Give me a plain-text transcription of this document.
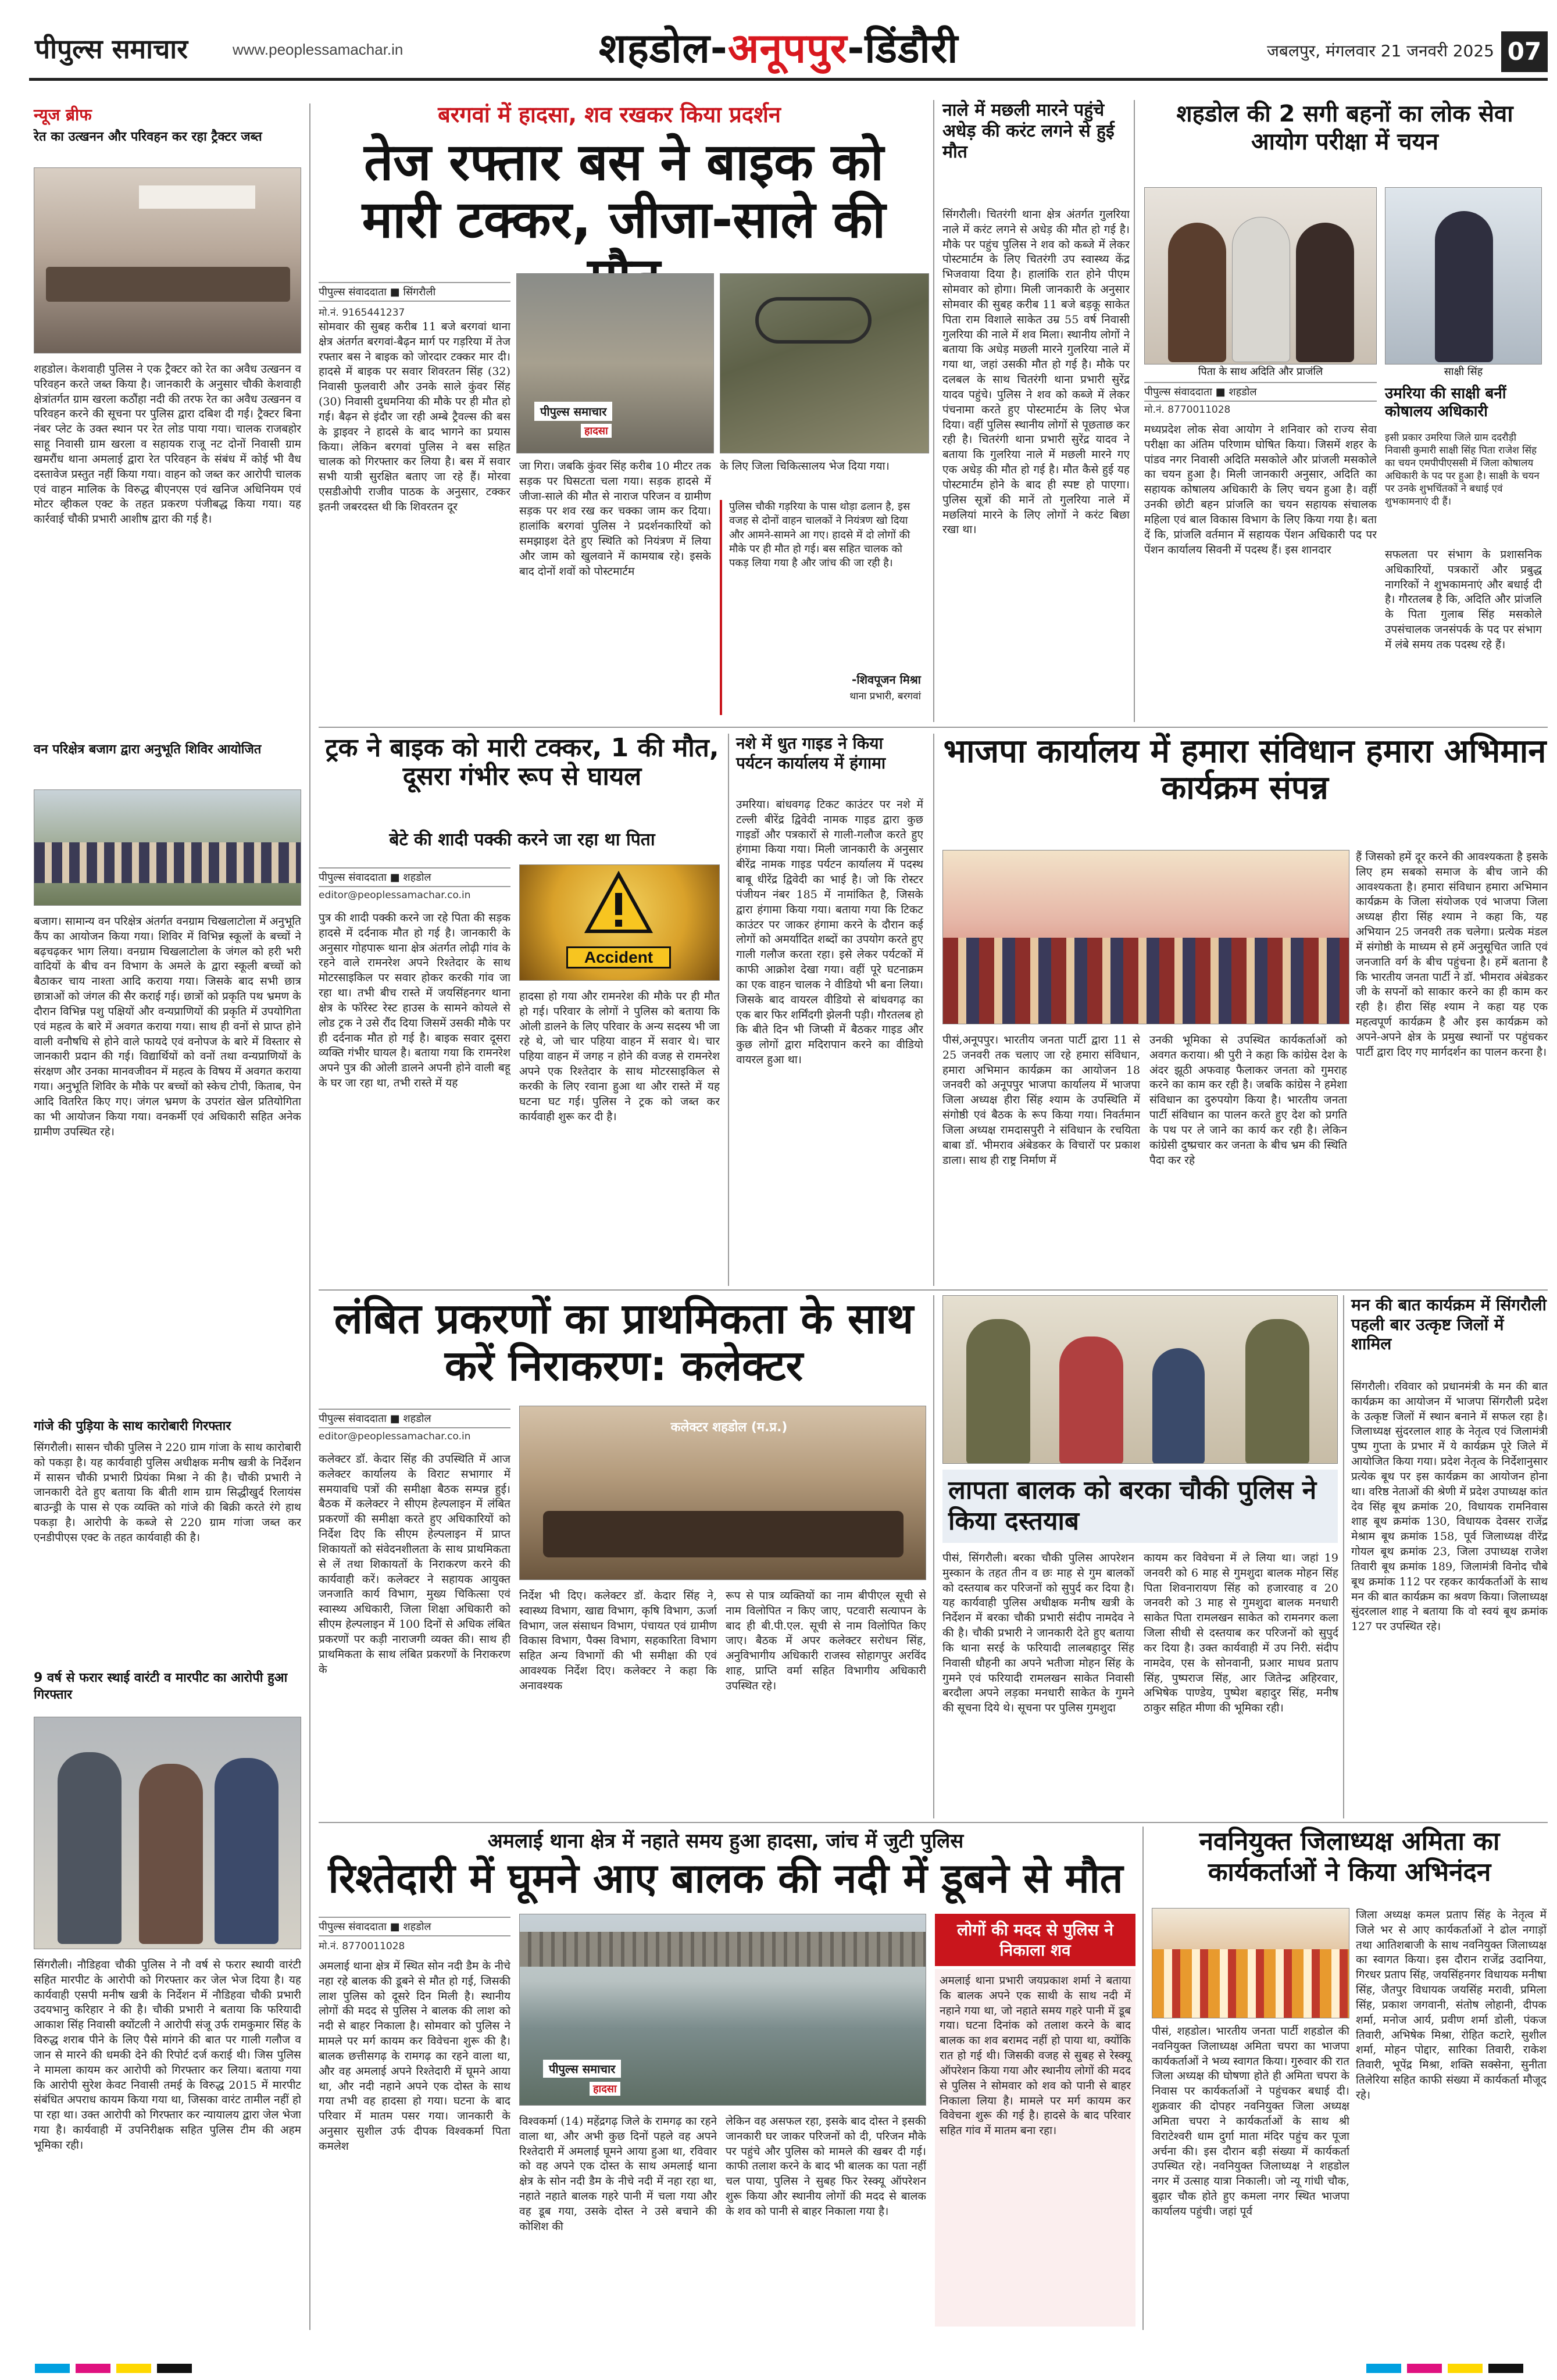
पीपुल्स समाचार	www.peoplessamachar.in	शहडोल-अनूपपुर-डिंडौरी	जबलपुर, मंगलवार 21 जनवरी 2025 07
न्यूज ब्रीफ
रेत का उत्खनन और परिवहन कर रहा ट्रैक्टर जब्त
शहडोल। केशवाही पुलिस ने एक ट्रैक्टर को रेत का अवैध उत्खनन व परिवहन करते जब्त किया है। जानकारी के अनुसार चौकी केशवाही क्षेत्रांतर्गत ग्राम खरला कठौंहा नदी की तरफ रेत का अवैध उत्खनन व परिवहन करने की सूचना पर पुलिस द्वारा दबिश दी गई। ट्रैक्टर बिना नंबर प्लेट के उक्त स्थान पर रेत लोड पाया गया। चालक राजबहोर साहू निवासी ग्राम खरला व सहायक राजू नट दोनों निवासी ग्राम खमरौंध थाना अमलाई द्वारा रेत परिवहन के संबंध में कोई भी वैध दस्तावेज प्रस्तुत नहीं किया गया। वाहन को जब्त कर आरोपी चालक एवं वाहन मालिक के विरुद्ध बीएनएस एवं खनिज अधिनियम एवं मोटर व्हीकल एक्ट के तहत प्रकरण पंजीबद्ध किया गया। यह कार्रवाई चौकी प्रभारी आशीष द्वारा की गई है।
वन परिक्षेत्र बजाग द्वारा अनुभूति शिविर आयोजित
बजाग। सामान्य वन परिक्षेत्र अंतर्गत वनग्राम चिखलाटोला में अनुभूति कैंप का आयोजन किया गया। शिविर में विभिन्न स्कूलों के बच्चों ने बढ़चढ़कर भाग लिया। वनग्राम चिखलाटोला के जंगल को हरी भरी वादियों के बीच वन विभाग के अमले के द्वारा स्कूली बच्चों को बैठाकर चाय नाश्ता आदि कराया गया। जिसके बाद सभी छात्र छात्राओं को जंगल की सैर कराई गई। छात्रों को प्रकृति पथ भ्रमण के दौरान विभिन्न पशु पक्षियों और वन्यप्राणियों की प्रकृति में उपयोगिता एवं महत्व के बारे में अवगत कराया गया। साथ ही वनों से प्राप्त होने वाली वनौषधि से होने वाले फायदे एवं वनोपज के बारे में विस्तार से जानकारी प्रदान की गई। विद्यार्थियों को वनों तथा वन्यप्राणियों के संरक्षण और उनका मानवजीवन में महत्व के विषय में अवगत कराया गया। अनुभूति शिविर के मौके पर बच्चों को स्केच टोपी, किताब, पेन आदि वितरित किए गए। जंगल भ्रमण के उपरांत खेल प्रतियोगिता का भी आयोजन किया गया। वनकर्मी एवं अधिकारी सहित अनेक ग्रामीण उपस्थित रहे।
गांजे की पुड़िया के साथ कारोबारी गिरफ्तार
सिंगरौली। सासन चौकी पुलिस ने 220 ग्राम गांजा के साथ कारोबारी को पकड़ा है। यह कार्यवाही पुलिस अधीक्षक मनीष खत्री के निर्देशन में सासन चौकी प्रभारी प्रियंका मिश्रा ने की है। चौकी प्रभारी ने जानकारी देते हुए बताया कि बीती शाम ग्राम सिद्धीखुर्द रिलायंस बाउन्ड्री के पास से एक व्यक्ति को गांजे की बिक्री करते रंगे हाथ पकड़ा है। आरोपी के कब्जे से 220 ग्राम गांजा जब्त कर एनडीपीएस एक्ट के तहत कार्यवाही की है।
9 वर्ष से फरार स्थाई वारंटी व मारपीट का आरोपी हुआ गिरफ्तार
सिंगरौली। नौडिहवा चौकी पुलिस ने नौ वर्ष से फरार स्थायी वारंटी सहित मारपीट के आरोपी को गिरफ्तार कर जेल भेज दिया है। यह कार्यवाही एसपी मनीष खत्री के निर्देशन में नौडिहवा चौकी प्रभारी उदयभानु करिहार ने की है। चौकी प्रभारी ने बताया कि फरियादी आकाश सिंह निवासी क्योंटली ने आरोपी संजू उर्फ रामकुमार सिंह के विरुद्ध शराब पीने के लिए पैसे मांगने की बात पर गाली गलौज व जान से मारने की धमकी देने की रिपोर्ट दर्ज कराई थी। जिस पुलिस ने मामला कायम कर आरोपी को गिरफ्तार कर लिया। बताया गया कि आरोपी सुरेश केवट निवासी तमई के विरुद्ध 2015 में मारपीट संबंधित अपराध कायम किया गया था, जिसका वारंट तामील नहीं हो पा रहा था। उक्त आरोपी को गिरफ्तार कर न्यायालय द्वारा जेल भेजा गया है। कार्यवाही में उपनिरीक्षक सहित पुलिस टीम की अहम भूमिका रही।
बरगवां में हादसा, शव रखकर किया प्रदर्शन
तेज रफ्तार बस ने बाइक को मारी टक्कर, जीजा-साले की
पीपुल्स संवाददाता ■ सिंगरौली
मो.नं. 9165441237
पीपुल्स समाचार
हादसा
सोमवार की सुबह करीब 11 बजे बरगवां थाना क्षेत्र अंतर्गत बरगवां-बैढ़न मार्ग पर गड़रिया में तेज रफ्तार बस ने बाइक को जोरदार टक्कर मार दी। हादसे में बाइक पर सवार शिवरतन सिंह (32) निवासी फुलवारी और उनके साले कुंवर सिंह (30) निवासी दुधमनिया की मौके पर ही मौत हो गई। बैढ़न से इंदौर जा रही अम्बे ट्रैवल्स की बस के ड्राइवर ने हादसे के बाद भागने का प्रयास किया। लेकिन बरगवां पुलिस ने बस सहित चालक को गिरफ्तार कर लिया है। बस में सवार सभी यात्री सुरक्षित बताए जा रहे हैं। मोरवा एसडीओपी राजीव पाठक के अनुसार, टक्कर इतनी जबरदस्त थी कि शिवरतन दूर
जा गिरा। जबकि कुंवर सिंह करीब 10 मीटर तक सड़क पर घिसटता चला गया। सड़क हादसे में जीजा-साले की मौत से नाराज परिजन व ग्रामीण सड़क पर शव रख कर चक्का जाम कर दिया। हालांकि बरगवां पुलिस ने प्रदर्शनकारियों को समझाइश देते हुए स्थिति को नियंत्रण में लिया और जाम को खुलवाने में कामयाब रहे। इसके बाद दोनों शवों को पोस्टमार्टम
के लिए जिला चिकित्सालय भेज दिया गया।
पुलिस चौकी गड़रिया के पास थोड़ा ढलान है, इस वजह से दोनों वाहन चालकों ने नियंत्रण खो दिया और आमने-सामने आ गए। हादसे में दो लोगों की मौके पर ही मौत हो गई। बस सहित चालक को पकड़ लिया गया है और जांच की जा रही है।
-शिवपूजन मिश्रा
थाना प्रभारी, बरगवां
नाले में मछली मारने पहुंचे अधेड़ की करंट लगने से हुई मौत
सिंगरौली। चितरंगी थाना क्षेत्र अंतर्गत गुलरिया नाले में करंट लगने से अधेड़ की मौत हो गई है। मौके पर पहुंच पुलिस ने शव को कब्जे में लेकर पोस्टमार्टम के लिए चितरंगी उप स्वास्थ्य केंद्र भिजवाया दिया है। हालांकि रात होने पीएम सोमवार को होगा। मिली जानकारी के अनुसार सोमवार की सुबह करीब 11 बजे बड़कू साकेत पिता राम विशाले साकेत उम्र 55 वर्ष निवासी गुलरिया की नाले में शव मिला। स्थानीय लोगों ने बताया कि अधेड़ मछली मारने गुलरिया नाले में गया था, जहां उसकी मौत हो गई है। मौके पर दलबल के साथ चितरंगी थाना प्रभारी सुरेंद्र यादव पहुंचे। पुलिस ने शव को कब्जे में लेकर पंचनामा करते हुए पोस्टमार्टम के लिए भेज दिया। वहीं पुलिस स्थानीय लोगों से पूछताछ कर रही है। चितरंगी थाना प्रभारी सुरेंद्र यादव ने बताया कि गुलरिया नाले में मछली मारने गए एक अधेड़ की मौत हो गई है। मौत कैसे हुई यह पोस्टमार्टम होने के बाद ही स्पष्ट हो पाएगा। पुलिस सूत्रों की मानें तो गुलरिया नाले में मछलियां मारने के लिए लोगों ने करंट बिछा रखा था।
शहडोल की 2 सगी बहनों का लोक सेवा आयोग परीक्षा में चयन
पिता के साथ अदिति और प्राजंलि	साक्षी सिंह
पीपुल्स संवाददाता ■ शहडोल
मो.नं. 8770011028
मध्यप्रदेश लोक सेवा आयोग ने शनिवार को राज्य सेवा परीक्षा का अंतिम परिणाम घोषित किया। जिसमें शहर के पांडव नगर निवासी अदिति मसकोले और प्रांजली मसकोले का चयन हुआ है। मिली जानकारी अनुसार, अदिति का सहायक कोषालय अधिकारी के लिए चयन हुआ है। वहीं उनकी छोटी बहन प्रांजलि का चयन सहायक संचालक महिला एवं बाल विकास विभाग के लिए किया गया है। बता दें कि, प्रांजलि वर्तमान में सहायक पेंशन अधिकारी पद पर पेंशन कार्यालय सिवनी में पदस्थ हैं। इस शानदार
उमरिया की साक्षी बनीं कोषालय अधिकारी
इसी प्रकार उमरिया जिले ग्राम ददरौड़ी निवासी कुमारी साक्षी सिंह पिता राजेश सिंह का चयन एमपीपीएससी में जिला कोषालय अधिकारी के पद पर हुआ है। साक्षी के चयन पर उनके शुभचिंतकों ने बधाई एवं शुभकामनाएं दी हैं।
सफलता पर संभाग के प्रशासनिक अधिकारियों, पत्रकारों और प्रबुद्ध नागरिकों ने शुभकामनाएं और बधाई दी है। गौरतलब है कि, अदिति और प्रांजलि के पिता गुलाब सिंह मसकोले उपसंचालक जनसंपर्क के पद पर संभाग में लंबे समय तक पदस्थ रहे हैं।
ट्रक ने बाइक को मारी टक्कर, 1 की मौत, दूसरा गंभीर रूप से घायल
बेटे की शादी पक्की करने जा रहा था पिता
पीपुल्स संवाददाता ■ शहडोल
editor@peoplessamachar.co.in
Accident
पुत्र की शादी पक्की करने जा रहे पिता की सड़क हादसे में दर्दनाक मौत हो गई है। जानकारी के अनुसार गोहपारू थाना क्षेत्र अंतर्गत लोढ़ी गांव के रहने वाले रामनरेश अपने रिश्तेदार के साथ मोटरसाइकिल पर सवार होकर करकी गांव जा रहा था। तभी बीच रास्ते में जयसिंहनगर थाना क्षेत्र के फॉरेस्ट रेस्ट हाउस के सामने कोयले से लोड ट्रक ने उसे रौंद दिया जिसमें उसकी मौके पर ही दर्दनाक मौत हो गई है। बाइक सवार दूसरा व्यक्ति गंभीर घायल है। बताया गया कि रामनरेश अपने पुत्र की ओली डालने अपनी होने वाली बहू के घर जा रहा था, तभी रास्ते में यह
हादसा हो गया और रामनरेश की मौके पर ही मौत हो गई। परिवार के लोगों ने पुलिस को बताया कि ओली डालने के लिए परिवार के अन्य सदस्य भी जा रहे थे, जो चार पहिया वाहन में सवार थे। चार पहिया वाहन में जगह न होने की वजह से रामनरेश अपने एक रिश्तेदार के साथ मोटरसाइकिल से करकी के लिए रवाना हुआ था और रास्ते में यह घटना घट गई। पुलिस ने ट्रक को जब्त कर कार्यवाही शुरू कर दी है।
नशे में धुत गाइड ने किया पर्यटन कार्यालय में हंगामा
उमरिया। बांधवगढ़ टिकट काउंटर पर नशे में टल्ली बीरेंद्र द्विवेदी नामक गाइड द्वारा कुछ गाइडों और पत्रकारों से गाली-गलौज करते हुए हंगामा किया गया। मिली जानकारी के अनुसार बीरेंद्र नामक गाइड पर्यटन कार्यालय में पदस्थ बाबू धीरेंद्र द्विवेदी का भाई है। जो कि रोस्टर पंजीयन नंबर 185 में नामांकित है, जिसके द्वारा हंगामा किया गया। बताया गया कि टिकट काउंटर पर जाकर हंगामा करने के दौरान कई लोगों को अमर्यादित शब्दों का उपयोग करते हुए गाली गलौज करता रहा। इसे लेकर पर्यटकों में काफी आक्रोश देखा गया। वहीं पूरे घटनाक्रम का एक वाहन चालक ने वीडियो भी बना लिया। जिसके बाद वायरल वीडियो से बांधवगढ़ का एक बार फिर शर्मिंदगी झेलनी पड़ी। गौरतलब हो कि बीते दिन भी जिप्सी में बैठकर गाइड और कुछ लोगों द्वारा मदिरापान करने का वीडियो वायरल हुआ था।
भाजपा कार्यालय में हमारा संविधान हमारा अभिमान कार्यक्रम संपन्न
पीसं,अनूपपुर। भारतीय जनता पार्टी द्वारा 11 से 25 जनवरी तक चलाए जा रहे हमारा संविधान, हमारा अभिमान कार्यक्रम का आयोजन 18 जनवरी को अनूपपुर भाजपा कार्यालय में भाजपा जिला अध्यक्ष हीरा सिंह श्याम के उपस्थिति में संगोष्ठी एवं बैठक के रूप किया गया। निवर्तमान जिला अध्यक्ष रामदासपुरी ने संविधान के रचयिता बाबा डॉ. भीमराव अंबेडकर के विचारों पर प्रकाश डाला। साथ ही राष्ट्र निर्माण में
उनकी भूमिका से उपस्थित कार्यकर्ताओं को अवगत कराया। श्री पुरी ने कहा कि कांग्रेस देश के अंदर झूठी अफवाह फैलाकर जनता को गुमराह करने का काम कर रही है। जबकि कांग्रेस ने हमेशा संविधान का दुरुपयोग किया है। भारतीय जनता पार्टी संविधान का पालन करते हुए देश को प्रगति के पथ पर ले जाने का कार्य कर रही है। लेकिन कांग्रेसी दुष्प्रचार कर जनता के बीच भ्रम की स्थिति पैदा कर रहे
हैं जिसको हमें दूर करने की आवश्यकता है इसके लिए हम सबको समाज के बीच जाने की आवश्यकता है। हमारा संविधान हमारा अभिमान कार्यक्रम के जिला संयोजक एवं भाजपा जिला अध्यक्ष हीरा सिंह श्याम ने कहा कि, यह अभियान 25 जनवरी तक चलेगा। प्रत्येक मंडल में संगोष्ठी के माध्यम से हमें अनुसूचित जाति एवं जनजाति वर्ग के बीच पहुंचना है। हमें बताना है कि भारतीय जनता पार्टी ने डॉ. भीमराव अंबेडकर जी के सपनों को साकार करने का ही काम कर रही है। हीरा सिंह श्याम ने कहा यह एक महत्वपूर्ण कार्यक्रम है और इस कार्यक्रम को अपने-अपने क्षेत्र के प्रमुख स्थानों पर पहुंचकर पार्टी द्वारा दिए गए मार्गदर्शन का पालन करना है।
लंबित प्रकरणों का प्राथमिकता के साथ करें निराकरण: कलेक्टर
पीपुल्स संवाददाता ■ शहडोल
editor@peoplessamachar.co.in
कलेक्टर शहडोल (म.प्र.)
कलेक्टर डॉ. केदार सिंह की उपस्थिति में आज कलेक्टर कार्यालय के विराट सभागार में समयावधि पत्रों की समीक्षा बैठक सम्पन्न हुई। बैठक में कलेक्टर ने सीएम हेल्पलाइन में लंबित प्रकरणों की समीक्षा करते हुए अधिकारियों को निर्देश दिए कि सीएम हेल्पलाइन में प्राप्त शिकायतों को संवेदनशीलता के साथ प्राथमिकता से लें तथा शिकायतों के निराकरण करने की कार्यवाही करें। कलेक्टर ने सहायक आयुक्त जनजाति कार्य विभाग, मुख्य चिकित्सा एवं स्वास्थ्य अधिकारी, जिला शिक्षा अधिकारी को सीएम हेल्पलाइन में 100 दिनों से अधिक लंबित प्रकरणों पर कड़ी नाराजगी व्यक्त की। साथ ही प्राथमिकता के साथ लंबित प्रकरणों के निराकरण के
निर्देश भी दिए। कलेक्टर डॉ. केदार सिंह ने, स्वास्थ्य विभाग, खाद्य विभाग, कृषि विभाग, ऊर्जा विभाग, जल संसाधन विभाग, पंचायत एवं ग्रामीण विकास विभाग, पैक्स विभाग, सहकारिता विभाग सहित अन्य विभागों की भी समीक्षा की एवं आवश्यक निर्देश दिए। कलेक्टर ने कहा कि अनावश्यक
रूप से पात्र व्यक्तियों का नाम बीपीएल सूची से नाम विलोपित न किए जाए, पटवारी सत्यापन के बाद ही बी.पी.एल. सूची से नाम विलोपित किए जाए। बैठक में अपर कलेक्टर सरोधन सिंह, अनुविभागीय अधिकारी राजस्व सोहागपुर अरविंद शाह, प्राप्ति वर्मा सहित विभागीय अधिकारी उपस्थित रहे।
लापता बालक को बरका चौकी पुलिस ने किया दस्तयाब
पीसं, सिंगरौली। बरका चौकी पुलिस आपरेशन मुस्कान के तहत तीन व छः माह से गुम बालकों को दस्तयाब कर परिजनों को सुपुर्द कर दिया है। यह कार्यवाही पुलिस अधीक्षक मनीष खत्री के निर्देशन में बरका चौकी प्रभारी संदीप नामदेव ने की है। चौकी प्रभारी ने जानकारी देते हुए बताया कि थाना सरई के फरियादी लालबहादुर सिंह निवासी धौहनी का अपने भतीजा मोहन सिंह के गुमने एवं फरियादी रामलखन साकेत निवासी बरदौला अपने लड़का मनधारी साकेत के गुमने की सूचना दिये थे। सूचना पर पुलिस गुमशुदा
कायम कर विवेचना में ले लिया था। जहां 19 जनवरी को 6 माह से गुमशुदा बालक मोहन सिंह पिता शिवनारायण सिंह को हजारवाह व 20 जनवरी को 3 माह से गुमशुदा बालक मनधारी साकेत पिता रामलखन साकेत को रामनगर कला जिला सीधी से दस्तयाब कर परिजनों को सुपुर्द कर दिया है। उक्त कार्यवाही में उप निरी. संदीप नामदेव, एस के सोनवानी, प्रआर माधव प्रताप सिंह, पुष्पराज सिंह, आर जितेन्द्र अहिरवार, अभिषेक पाण्डेय, पुष्पेश बहादुर सिंह, मनीष ठाकुर सहित मीणा की भूमिका रही।
मन की बात कार्यक्रम में सिंगरौली पहली बार उत्कृष्ट जिलों में शामिल
सिंगरौली। रविवार को प्रधानमंत्री के मन की बात कार्यक्रम का आयोजन में भाजपा सिंगरौली प्रदेश के उत्कृष्ट जिलों में स्थान बनाने में सफल रहा है। जिलाध्यक्ष सुंदरलाल शाह के नेतृत्व एवं जिलामंत्री पुष्प गुप्ता के प्रभार में ये कार्यक्रम पूरे जिले में आयोजित किया गया। प्रदेश नेतृत्व के निर्देशानुसार प्रत्येक बूथ पर इस कार्यक्रम का आयोजन होना था। वरिष्ठ नेताओं की श्रेणी में प्रदेश उपाध्यक्ष कांत देव सिंह बूथ क्रमांक 20, विधायक रामनिवास शाह बूथ क्रमांक 130, विधायक देवसर राजेंद्र मेश्राम बूथ क्रमांक 158, पूर्व जिलाध्यक्ष वीरेंद्र गोयल बूथ क्रमांक 23, जिला उपाध्यक्ष राजेश तिवारी बूथ क्रमांक 189, जिलामंत्री विनोद चौबे बूथ क्रमांक 112 पर रहकर कार्यकर्ताओं के साथ मन की बात कार्यक्रम का श्रवण किया। जिलाध्यक्ष सुंदरलाल शाह ने बताया कि वो स्वयं बूथ क्रमांक 127 पर उपस्थित रहे।
अमलाई थाना क्षेत्र में नहाते समय हुआ हादसा, जांच में जुटी पुलिस
रिश्तेदारी में घूमने आए बालक की नदी में डूबने से मौत
पीपुल्स संवाददाता ■ शहडोल
मो.नं. 8770011028
पीपुल्स समाचार
हादसा
अमलाई थाना क्षेत्र में स्थित सोन नदी डैम के नीचे नहा रहे बालक की डूबने से मौत हो गई, जिसकी लाश पुलिस को दूसरे दिन मिली है। स्थानीय लोगों की मदद से पुलिस ने बालक की लाश को नदी से बाहर निकाला है। सोमवार को पुलिस ने मामले पर मर्ग कायम कर विवेचना शुरू की है। बालक छत्तीसगढ़ के रामगढ़ का रहने वाला था, और वह अमलाई अपने रिश्तेदारी में घूमने आया था, और नदी नहाने अपने एक दोस्त के साथ गया तभी वह हादसा हो गया। घटना के बाद परिवार में मातम पसर गया। जानकारी के अनुसार सुशील उर्फ दीपक विश्वकर्मा पिता कमलेश
विश्वकर्मा (14) महेंद्रगढ़ जिले के रामगढ़ का रहने वाला था, और अभी कुछ दिनों पहले वह अपने रिश्तेदारी में अमलाई घूमने आया हुआ था, रविवार को वह अपने एक दोस्त के साथ अमलाई थाना क्षेत्र के सोन नदी डैम के नीचे नदी में नहा रहा था, नहाते नहाते बालक गहरे पानी में चला गया और वह डूब गया, उसके दोस्त ने उसे बचाने की कोशिश की
लेकिन वह असफल रहा, इसके बाद दोस्त ने इसकी जानकारी घर जाकर परिजनों को दी, परिजन मौके पर पहुंचे और पुलिस को मामले की खबर दी गई। काफी तलाश करने के बाद भी बालक का पता नहीं चल पाया, पुलिस ने सुबह फिर रेस्क्यू ऑपरेशन शुरू किया और स्थानीय लोगों की मदद से बालक के शव को पानी से बाहर निकाला गया है।
लोगों की मदद से पुलिस ने निकाला शव
अमलाई थाना प्रभारी जयप्रकाश शर्मा ने बताया कि बालक अपने एक साथी के साथ नदी में नहाने गया था, जो नहाते समय गहरे पानी में डूब गया। घटना दिनांक को तलाश करने के बाद बालक का शव बरामद नहीं हो पाया था, क्योंकि रात हो गई थी। जिसकी वजह से सुबह से रेस्क्यू ऑपरेशन किया गया और स्थानीय लोगों की मदद से पुलिस ने सोमवार को शव को पानी से बाहर निकाला लिया है। मामले पर मर्ग कायम कर विवेचना शुरू की गई है। हादसे के बाद परिवार सहित गांव में मातम बना रहा।
नवनियुक्त जिलाध्यक्ष अमिता का कार्यकर्ताओं ने किया अभिनंदन
पीसं, शहडोल। भारतीय जनता पार्टी शहडोल की नवनियुक्त जिलाध्यक्ष अमिता चपरा का भाजपा कार्यकर्ताओं ने भव्य स्वागत किया। गुरुवार की रात जिला अध्यक्ष की घोषणा होते ही अमिता चपरा के निवास पर कार्यकर्ताओं ने पहुंचकर बधाई दी। शुक्रवार की दोपहर नवनियुक्त जिला अध्यक्ष अमिता चपरा ने कार्यकर्ताओं के साथ श्री विराटेश्वरी धाम दुर्गा माता मंदिर पहुंच कर पूजा अर्चना की। इस दौरान बड़ी संख्या में कार्यकर्ता उपस्थित रहे। नवनियुक्त जिलाध्यक्ष ने शहडोल नगर में उत्साह यात्रा निकाली। जो न्यू गांधी चौक, बुढ़ार चौक होते हुए कमला नगर स्थित भाजपा कार्यालय पहुंची। जहां पूर्व
जिला अध्यक्ष कमल प्रताप सिंह के नेतृत्व में जिले भर से आए कार्यकर्ताओं ने ढोल नगाड़ों तथा आतिशबाजी के साथ नवनियुक्त जिलाध्यक्ष का स्वागत किया। इस दौरान राजेंद्र उदानिया, गिरधर प्रताप सिंह, जयसिंहनगर विधायक मनीषा सिंह, जैतपुर विधायक जयसिंह मरावी, प्रमिला सिंह, प्रकाश जगवानी, संतोष लोहानी, दीपक शर्मा, मनोज आर्य, प्रवीण शर्मा डोली, पंकज तिवारी, अभिषेक मिश्रा, रोहित कटारे, सुशील शर्मा, मोहन पोद्दार, सारिका तिवारी, राकेश तिवारी, भूपेंद्र मिश्रा, शक्ति सक्सेना, सुनीता तिलेरिया सहित काफी संख्या में कार्यकर्ता मौजूद रहे।
